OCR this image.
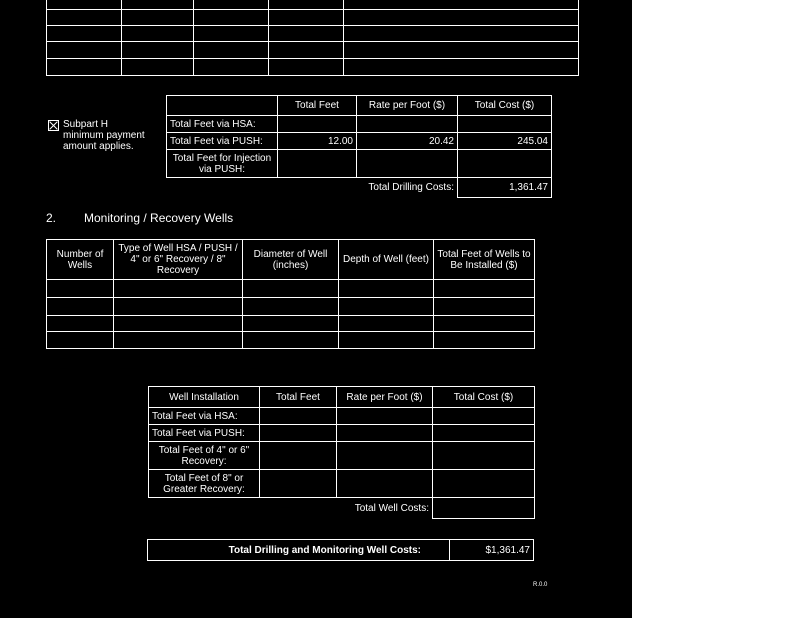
Subpart H
minimum payment
amount applies.
	Total Feet	Rate per Foot ($)	Total Cost ($)
Total Feet via HSA:			
Total Feet via PUSH:	12.00	20.42	245.04
Total Feet for Injection via PUSH:			
	Total Drilling Costs:		1,361.47
2. Monitoring / Recovery Wells
Number of Wells	Type of Well HSA / PUSH / 4" or 6" Recovery / 8" Recovery	Diameter of Well (inches)	Depth of Well (feet)	Total Feet of Wells to Be Installed ($)

Well Installation	Total Feet	Rate per Foot ($)	Total Cost ($)
Total Feet via HSA:			
Total Feet via PUSH:			
Total Feet of 4" or 6" Recovery:			
Total Feet of 8" or Greater Recovery:			
	Total Well Costs:		
Total Drilling and Monitoring Well Costs:	$1,361.47
R.0.0
